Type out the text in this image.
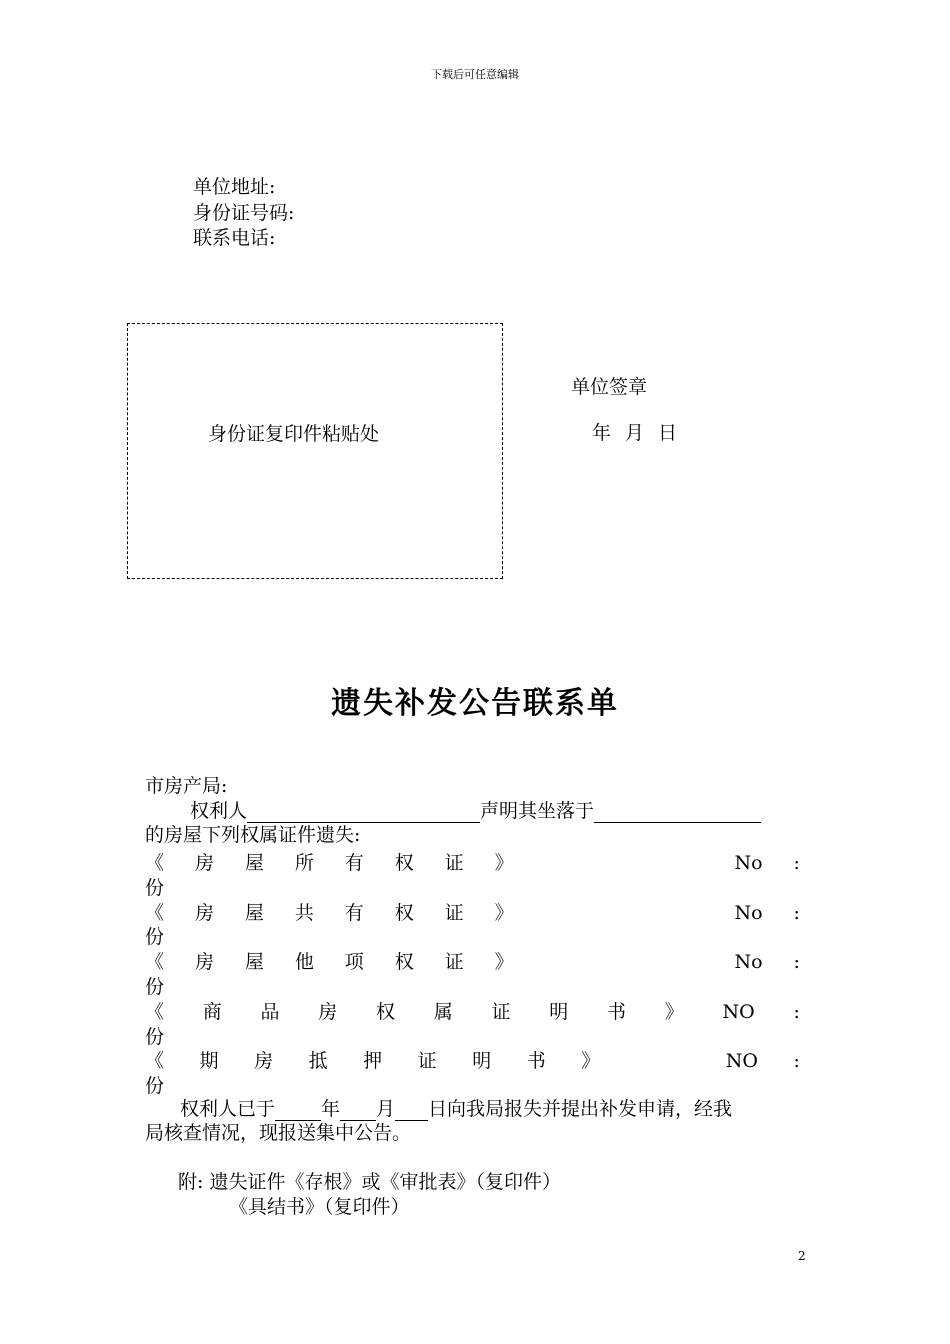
下载后可任意编辑
单位地址:
身份证号码:
联系电话:
身份证复印件粘贴处
单位签章
年 月 日
遗失补发公告联系单
市房产局:
权利人	声明其坐落于
的房屋下列权属证件遗失:
《 房 屋 所 有 权 证 》	No :
份
《 房 屋 共 有 权 证 》	No :
份
《 房 屋 他 项 权 证 》	No :
份
《 商 品 房 权 属 证 明 书 》 NO :
份
《 期 房 抵 押 证 明 书 》	NO :
份
权利人已于 年 月 日向我局报失并提出补发申请，经我
局核查情况，现报送集中公告。
附: 遗失证件《存根》或《审批表》（复印件）
《具结书》（复印件）
2
